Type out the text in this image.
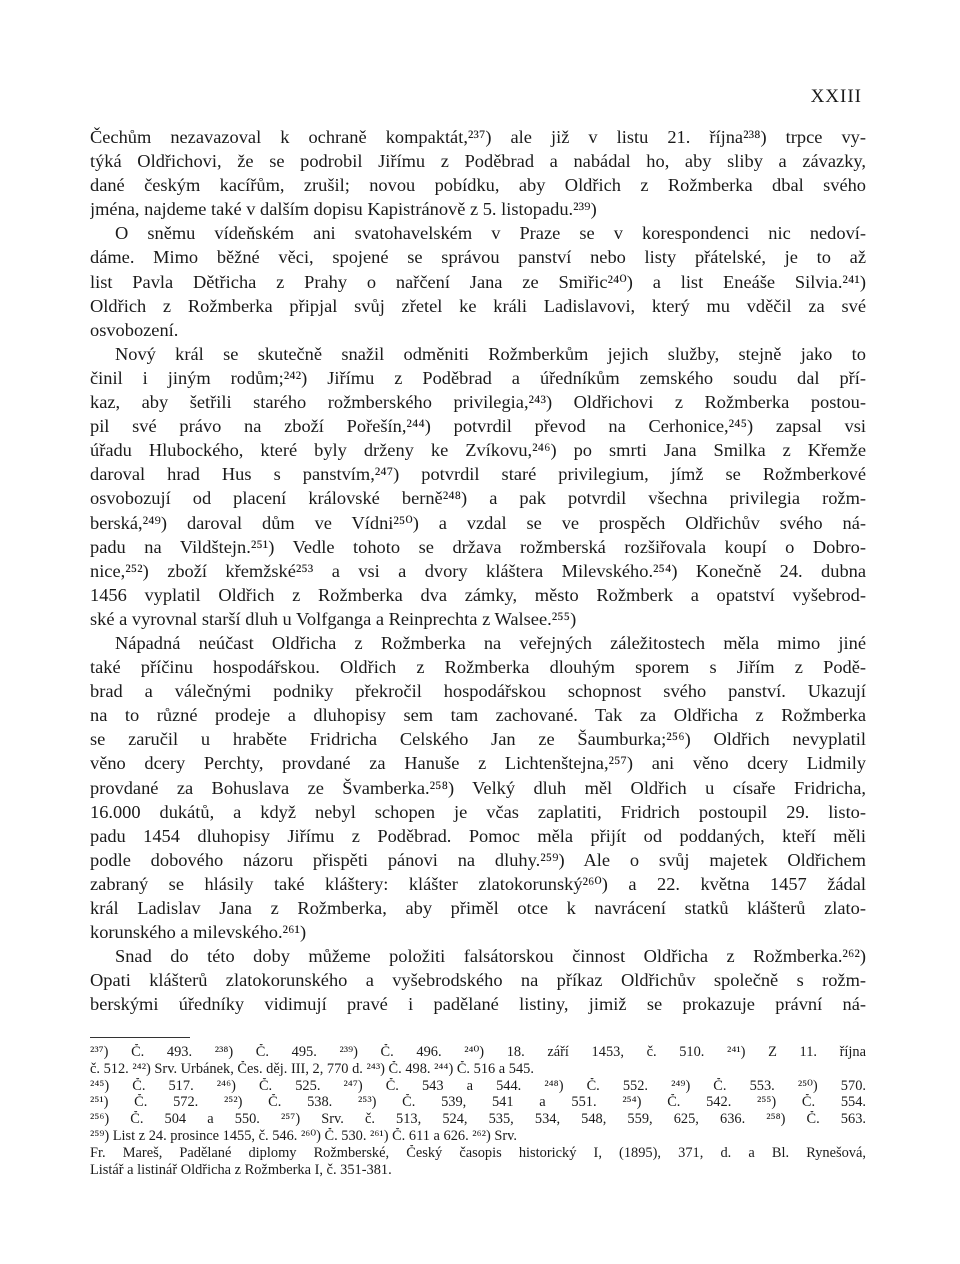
XXIII
Čechům nezavazoval k ochraně kompaktát,²³⁷) ale již v listu 21. října²³⁸) trpce vy-
týká Oldřichovi, že se podrobil Jiřímu z Poděbrad a nabádal ho, aby sliby a závazky,
dané českým kacířům, zrušil; novou pobídku, aby Oldřich z Rožmberka dbal svého
jména, najdeme také v dalším dopisu Kapistránově z 5. listopadu.²³⁹)
O sněmu vídeňském ani svatohavelském v Praze se v korespondenci nic nedoví-
dáme. Mimo běžné věci, spojené se správou panství nebo listy přátelské, je to až
list Pavla Dětřicha z Prahy o nařčení Jana ze Smiřic²⁴⁰) a list Eneáše Silvia.²⁴¹)
Oldřich z Rožmberka připjal svůj zřetel ke králi Ladislavovi, který mu vděčil za své
osvobození.
Nový král se skutečně snažil odměniti Rožmberkům jejich služby, stejně jako to
činil i jiným rodům;²⁴²) Jiřímu z Poděbrad a úředníkům zemského soudu dal pří-
kaz, aby šetřili starého rožmberského privilegia,²⁴³) Oldřichovi z Rožmberka postou-
pil své právo na zboží Pořešín,²⁴⁴) potvrdil převod na Cerhonice,²⁴⁵) zapsal vsi
úřadu Hlubockého, které byly drženy ke Zvíkovu,²⁴⁶) po smrti Jana Smilka z Křemže
daroval hrad Hus s panstvím,²⁴⁷) potvrdil staré privilegium, jímž se Rožmberkové
osvobozují od placení královské berně²⁴⁸) a pak potvrdil všechna privilegia rožm-
berská,²⁴⁹) daroval dům ve Vídni²⁵⁰) a vzdal se ve prospěch Oldřichův svého ná-
padu na Vildštejn.²⁵¹) Vedle tohoto se država rožmberská rozšiřovala koupí o Dobro-
nice,²⁵²) zboží křemžské²⁵³ a vsi a dvory kláštera Milevského.²⁵⁴) Konečně 24. dubna
1456 vyplatil Oldřich z Rožmberka dva zámky, město Rožmberk a opatství vyšebrod-
ské a vyrovnal starší dluh u Volfganga a Reinprechta z Walsee.²⁵⁵)
Nápadná neúčast Oldřicha z Rožmberka na veřejných záležitostech měla mimo jiné
také příčinu hospodářskou. Oldřich z Rožmberka dlouhým sporem s Jiřím z Podě-
brad a válečnými podniky překročil hospodářskou schopnost svého panství. Ukazují
na to různé prodeje a dluhopisy sem tam zachované. Tak za Oldřicha z Rožmberka
se zaručil u hraběte Fridricha Celského Jan ze Šaumburka;²⁵⁶) Oldřich nevyplatil
věno dcery Perchty, provdané za Hanuše z Lichtenštejna,²⁵⁷) ani věno dcery Lidmily
provdané za Bohuslava ze Švamberka.²⁵⁸) Velký dluh měl Oldřich u císaře Fridricha,
16.000 dukátů, a když nebyl schopen je včas zaplatiti, Fridrich postoupil 29. listo-
padu 1454 dluhopisy Jiřímu z Poděbrad. Pomoc měla přijít od poddaných, kteří měli
podle dobového názoru přispěti pánovi na dluhy.²⁵⁹) Ale o svůj majetek Oldřichem
zabraný se hlásily také kláštery: klášter zlatokorunský²⁶⁰) a 22. května 1457 žádal
král Ladislav Jana z Rožmberka, aby přiměl otce k navrácení statků klášterů zlato-
korunského a milevského.²⁶¹)
Snad do této doby můžeme položiti falsátorskou činnost Oldřicha z Rožmberka.²⁶²)
Opati klášterů zlatokorunského a vyšebrodského na příkaz Oldřichův společně s rožm-
berskými úředníky vidimují pravé i padělané listiny, jimiž se prokazuje právní ná-
²³⁷) Č. 493. ²³⁸) Č. 495. ²³⁹) Č. 496. ²⁴⁰) 18. září 1453, č. 510. ²⁴¹) Z 11. října
č. 512. ²⁴²) Srv. Urbánek, Čes. děj. III, 2, 770 d. ²⁴³) Č. 498. ²⁴⁴) Č. 516 a 545.
²⁴⁵) Č. 517. ²⁴⁶) Č. 525. ²⁴⁷) Č. 543 a 544. ²⁴⁸) Č. 552. ²⁴⁹) Č. 553. ²⁵⁰) 570.
²⁵¹) Č. 572. ²⁵²) Č. 538. ²⁵³) Č. 539, 541 a 551. ²⁵⁴) Č. 542. ²⁵⁵) Č. 554.
²⁵⁶) Č. 504 a 550. ²⁵⁷) Srv. č. 513, 524, 535, 534, 548, 559, 625, 636. ²⁵⁸) Č. 563.
²⁵⁹) List z 24. prosince 1455, č. 546. ²⁶⁰) Č. 530. ²⁶¹) Č. 611 a 626. ²⁶²) Srv.
Fr. Mareš, Padělané diplomy Rožmberské, Český časopis historický I, (1895), 371, d. a Bl. Rynešová,
Listář a listinář Oldřicha z Rožmberka I, č. 351-381.
